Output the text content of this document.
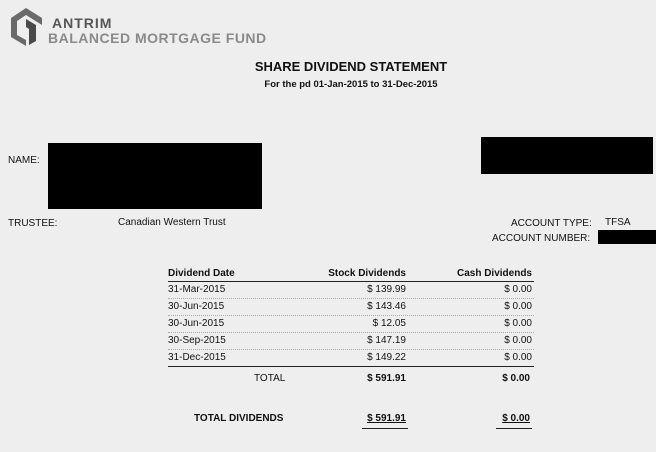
ANTRIM
BALANCED MORTGAGE FUND
SHARE DIVIDEND STATEMENT
For the pd 01-Jan-2015 to 31-Dec-2015
NAME:
TRUSTEE:	Canadian Western Trust	ACCOUNT TYPE: TFSA
ACCOUNT NUMBER:
Dividend Date	Stock Dividends	Cash Dividends
31-Mar-2015	$ 139.99	$ 0.00
30-Jun-2015	$ 143.46	$ 0.00
30-Jun-2015	$ 12.05	$ 0.00
30-Sep-2015	$ 147.19	$ 0.00
31-Dec-2015	$ 149.22	$ 0.00
TOTAL	$ 591.91	$ 0.00
TOTAL DIVIDENDS	$ 591.91	$ 0.00
